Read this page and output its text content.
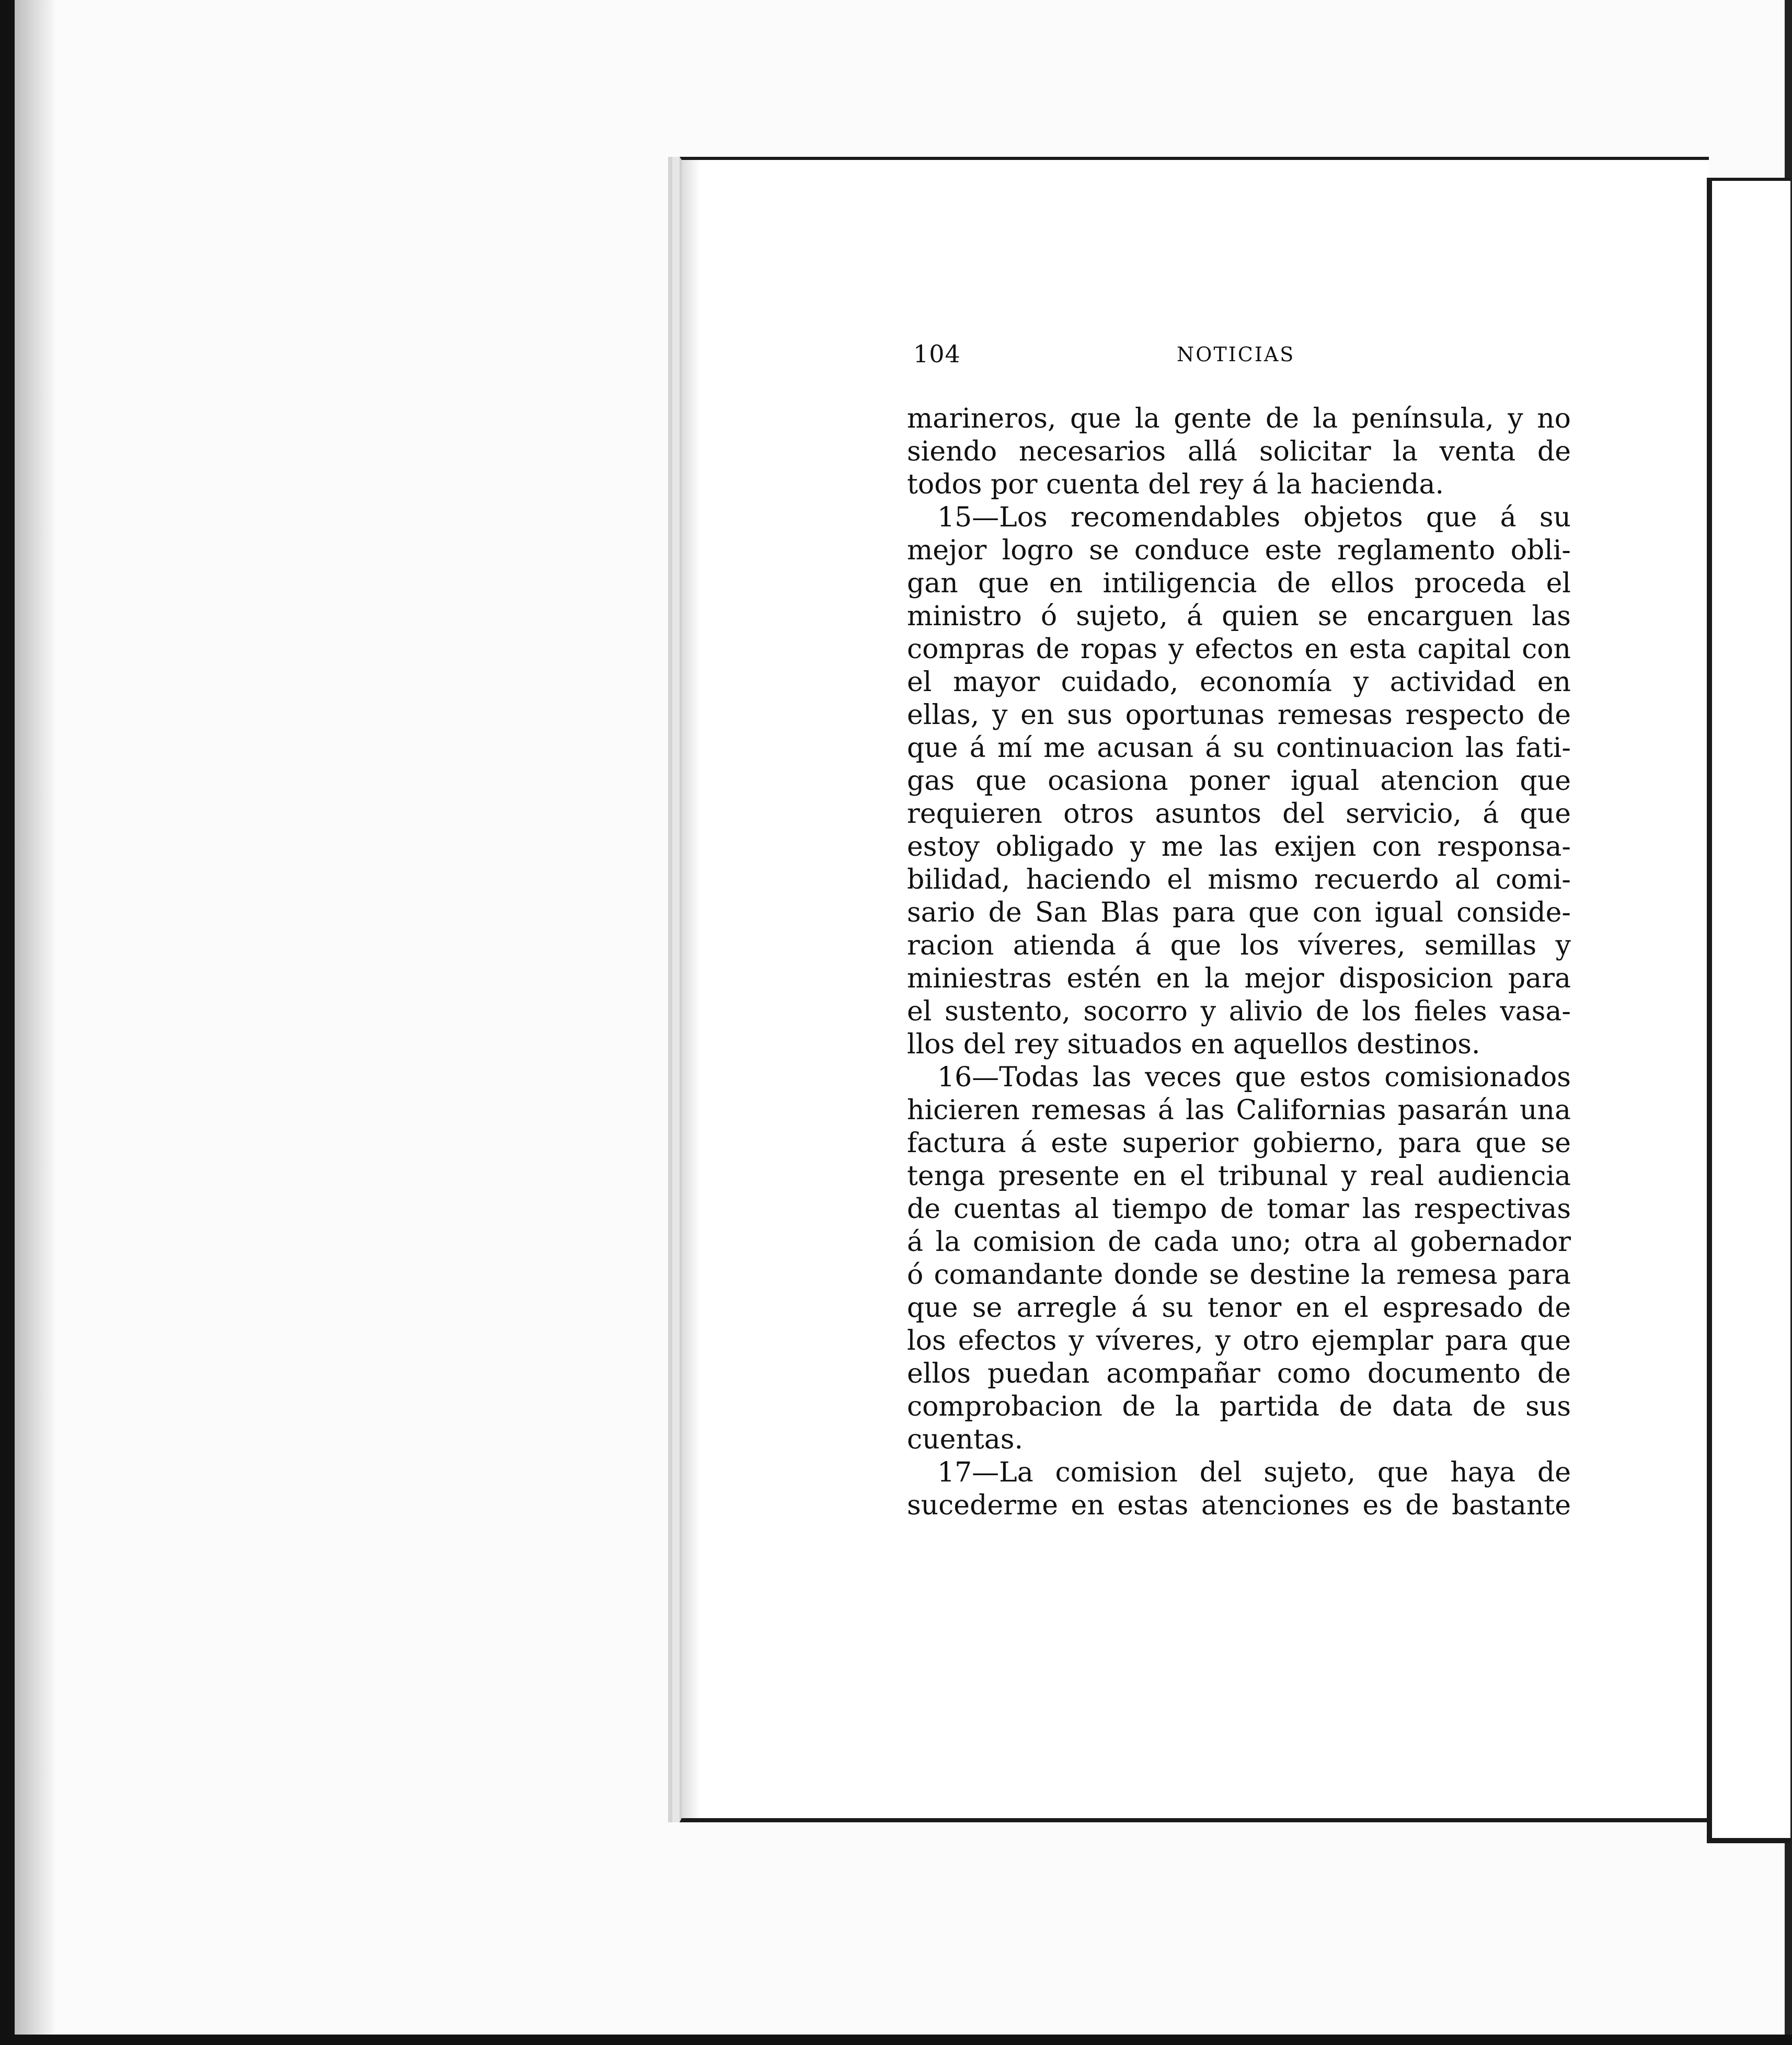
104	NOTICIAS
marineros, que la gente de la península, y no
siendo necesarios allá solicitar la venta de
todos por cuenta del rey á la hacienda.
15—Los recomendables objetos que á su
mejor logro se conduce este reglamento obli-
gan que en intiligencia de ellos proceda el
ministro ó sujeto, á quien se encarguen las
compras de ropas y efectos en esta capital con
el mayor cuidado, economía y actividad en
ellas, y en sus oportunas remesas respecto de
que á mí me acusan á su continuacion las fati-
gas que ocasiona poner igual atencion que
requieren otros asuntos del servicio, á que
estoy obligado y me las exijen con responsa-
bilidad, haciendo el mismo recuerdo al comi-
sario de San Blas para que con igual conside-
racion atienda á que los víveres, semillas y
miniestras estén en la mejor disposicion para
el sustento, socorro y alivio de los fieles vasa-
llos del rey situados en aquellos destinos.
16—Todas las veces que estos comisionados
hicieren remesas á las Californias pasarán una
factura á este superior gobierno, para que se
tenga presente en el tribunal y real audiencia
de cuentas al tiempo de tomar las respectivas
á la comision de cada uno; otra al gobernador
ó comandante donde se destine la remesa para
que se arregle á su tenor en el espresado de
los efectos y víveres, y otro ejemplar para que
ellos puedan acompañar como documento de
comprobacion de la partida de data de sus
cuentas.
17—La comision del sujeto, que haya de
sucederme en estas atenciones es de bastante
